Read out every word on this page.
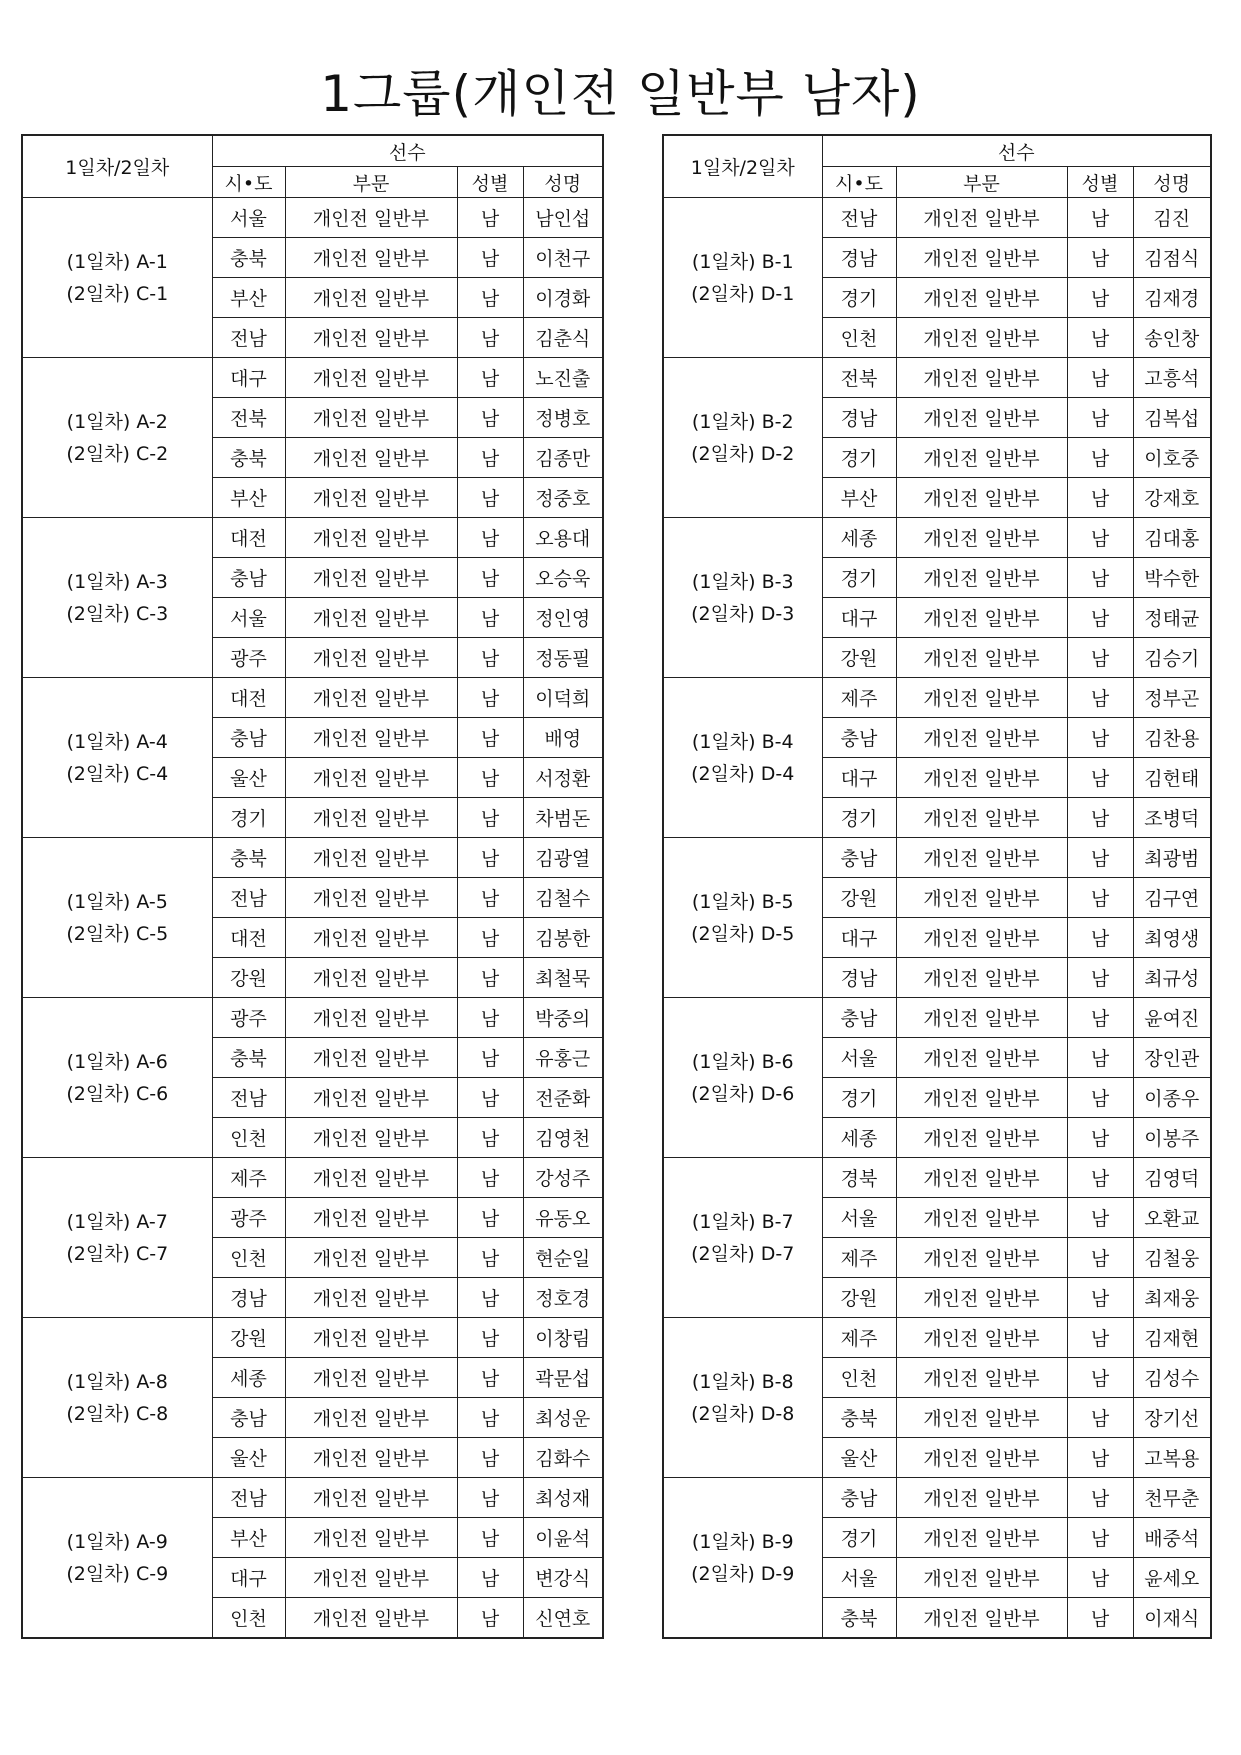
1그룹(개인전 일반부 남자)
1일차/2일차	선수			
	시•도	부문	성별	성명

(1일차) A-1
(2일차) C-1	서울	개인전 일반부	남	남인섭
	충북	개인전 일반부	남	이천구
	부산	개인전 일반부	남	이경화
	전남	개인전 일반부	남	김춘식

(1일차) A-2
(2일차) C-2	대구	개인전 일반부	남	노진출
	전북	개인전 일반부	남	정병호
	충북	개인전 일반부	남	김종만
	부산	개인전 일반부	남	정중호

(1일차) A-3
(2일차) C-3	대전	개인전 일반부	남	오용대
	충남	개인전 일반부	남	오승욱
	서울	개인전 일반부	남	정인영
	광주	개인전 일반부	남	정동필

(1일차) A-4
(2일차) C-4	대전	개인전 일반부	남	이덕희
	충남	개인전 일반부	남	배영
	울산	개인전 일반부	남	서정환
	경기	개인전 일반부	남	차범돈

(1일차) A-5
(2일차) C-5	충북	개인전 일반부	남	김광열
	전남	개인전 일반부	남	김철수
	대전	개인전 일반부	남	김봉한
	강원	개인전 일반부	남	최철묵

(1일차) A-6
(2일차) C-6	광주	개인전 일반부	남	박중의
	충북	개인전 일반부	남	유홍근
	전남	개인전 일반부	남	전준화
	인천	개인전 일반부	남	김영천

(1일차) A-7
(2일차) C-7	제주	개인전 일반부	남	강성주
	광주	개인전 일반부	남	유동오
	인천	개인전 일반부	남	현순일
	경남	개인전 일반부	남	정호경

(1일차) A-8
(2일차) C-8	강원	개인전 일반부	남	이창림
	세종	개인전 일반부	남	곽문섭
	충남	개인전 일반부	남	최성운
	울산	개인전 일반부	남	김화수

(1일차) A-9
(2일차) C-9	전남	개인전 일반부	남	최성재
	부산	개인전 일반부	남	이윤석
	대구	개인전 일반부	남	변강식
	인천	개인전 일반부	남	신연호
1일차/2일차	선수			
	시•도	부문	성별	성명

(1일차) B-1
(2일차) D-1	전남	개인전 일반부	남	김진
	경남	개인전 일반부	남	김점식
	경기	개인전 일반부	남	김재경
	인천	개인전 일반부	남	송인창

(1일차) B-2
(2일차) D-2	전북	개인전 일반부	남	고흥석
	경남	개인전 일반부	남	김복섭
	경기	개인전 일반부	남	이호중
	부산	개인전 일반부	남	강재호

(1일차) B-3
(2일차) D-3	세종	개인전 일반부	남	김대홍
	경기	개인전 일반부	남	박수한
	대구	개인전 일반부	남	정태균
	강원	개인전 일반부	남	김승기

(1일차) B-4
(2일차) D-4	제주	개인전 일반부	남	정부곤
	충남	개인전 일반부	남	김찬용
	대구	개인전 일반부	남	김헌태
	경기	개인전 일반부	남	조병덕

(1일차) B-5
(2일차) D-5	충남	개인전 일반부	남	최광범
	강원	개인전 일반부	남	김구연
	대구	개인전 일반부	남	최영생
	경남	개인전 일반부	남	최규성

(1일차) B-6
(2일차) D-6	충남	개인전 일반부	남	윤여진
	서울	개인전 일반부	남	장인관
	경기	개인전 일반부	남	이종우
	세종	개인전 일반부	남	이봉주

(1일차) B-7
(2일차) D-7	경북	개인전 일반부	남	김영덕
	서울	개인전 일반부	남	오환교
	제주	개인전 일반부	남	김철웅
	강원	개인전 일반부	남	최재웅

(1일차) B-8
(2일차) D-8	제주	개인전 일반부	남	김재현
	인천	개인전 일반부	남	김성수
	충북	개인전 일반부	남	장기선
	울산	개인전 일반부	남	고복용

(1일차) B-9
(2일차) D-9	충남	개인전 일반부	남	천무춘
	경기	개인전 일반부	남	배중석
	서울	개인전 일반부	남	윤세오
	충북	개인전 일반부	남	이재식
